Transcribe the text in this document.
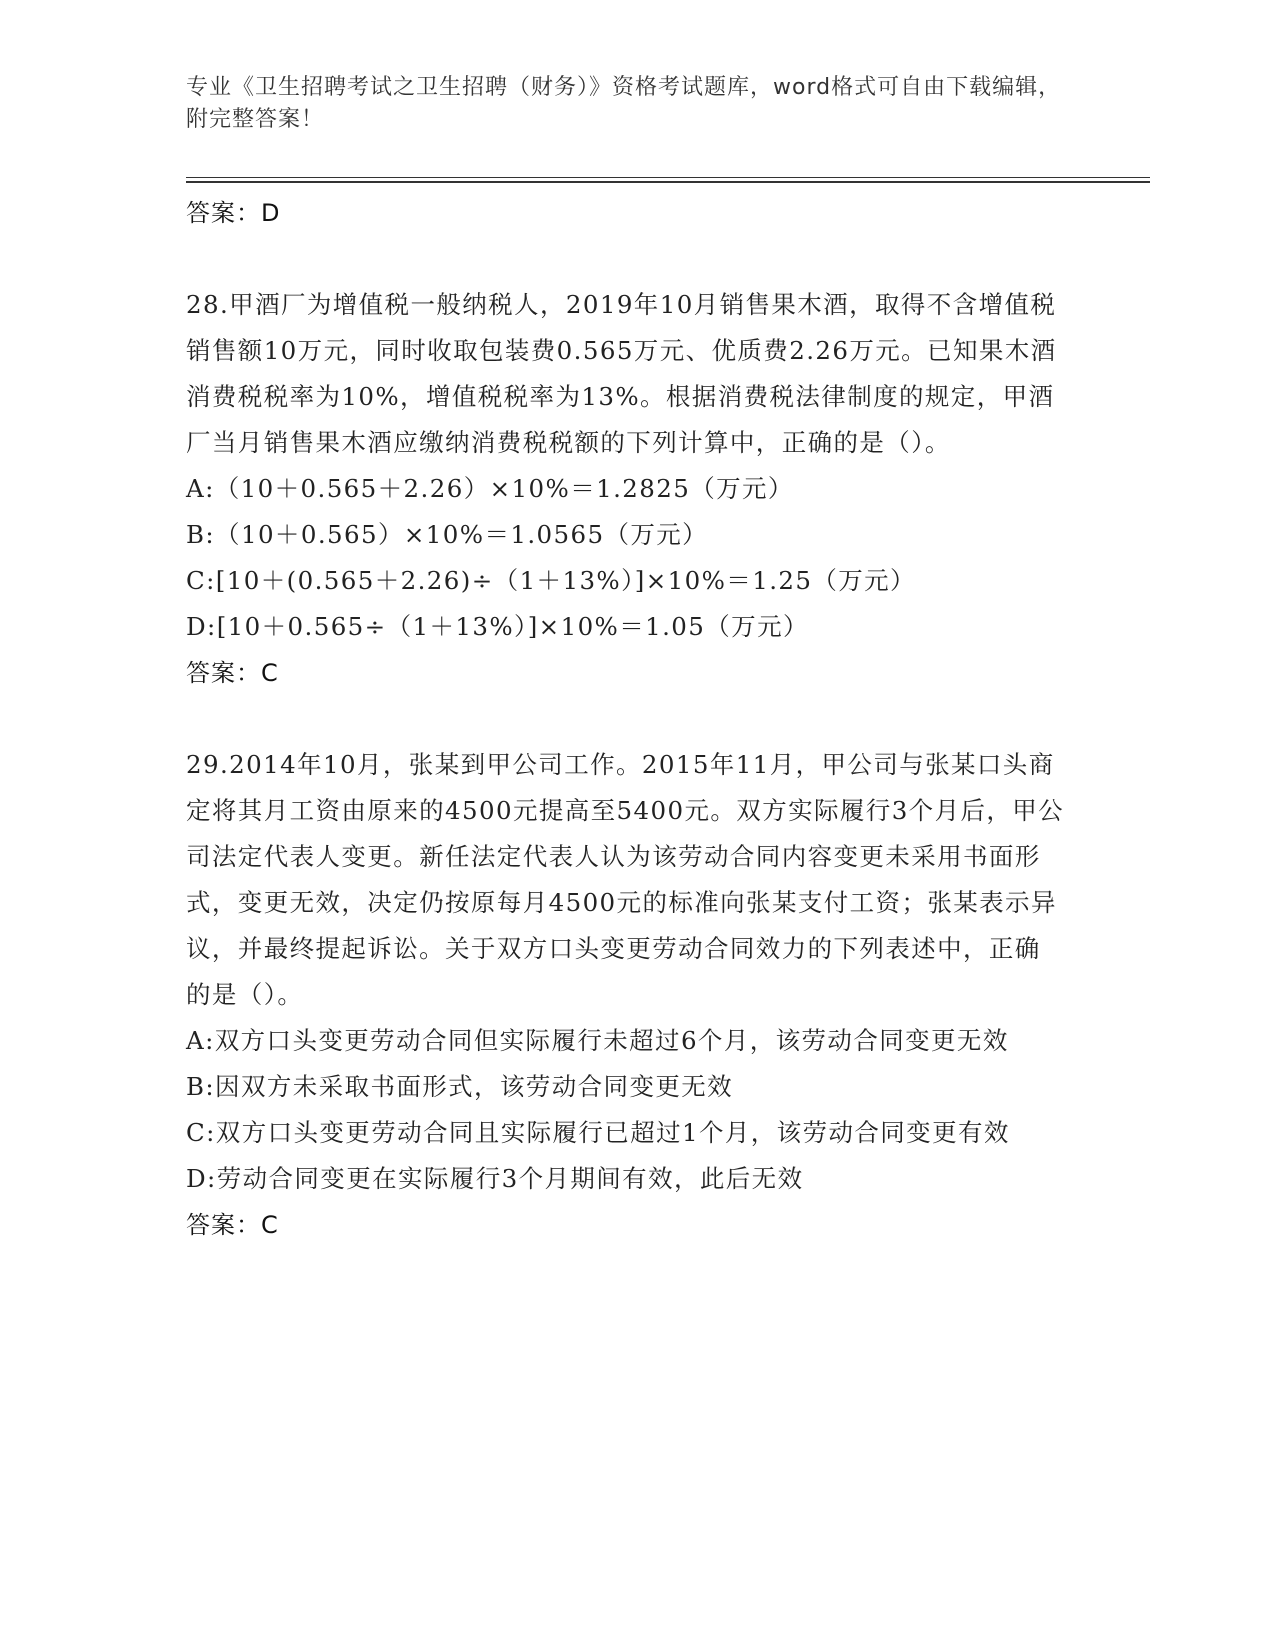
专业《卫生招聘考试之卫生招聘（财务）》资格考试题库，word格式可自由下载编辑，附完整答案！
答案：D
28.甲酒厂为增值税一般纳税人，2019年10月销售果木酒，取得不含增值税销售额10万元，同时收取包装费0.565万元、优质费2.26万元。已知果木酒消费税税率为10%，增值税税率为13%。根据消费税法律制度的规定，甲酒厂当月销售果木酒应缴纳消费税税额的下列计算中，正确的是（）。
A:（10＋0.565＋2.26）×10%＝1.2825（万元）
B:（10＋0.565）×10%＝1.0565（万元）
C:[10＋(0.565＋2.26)÷（1＋13%）]×10%＝1.25（万元）
D:[10＋0.565÷（1＋13%）]×10%＝1.05（万元）
答案：C
29.2014年10月，张某到甲公司工作。2015年11月，甲公司与张某口头商定将其月工资由原来的4500元提高至5400元。双方实际履行3个月后，甲公司法定代表人变更。新任法定代表人认为该劳动合同内容变更未采用书面形式，变更无效，决定仍按原每月4500元的标准向张某支付工资；张某表示异议，并最终提起诉讼。关于双方口头变更劳动合同效力的下列表述中，正确的是（）。
A:双方口头变更劳动合同但实际履行未超过6个月，该劳动合同变更无效
B:因双方未采取书面形式，该劳动合同变更无效
C:双方口头变更劳动合同且实际履行已超过1个月，该劳动合同变更有效
D:劳动合同变更在实际履行3个月期间有效，此后无效
答案：C
